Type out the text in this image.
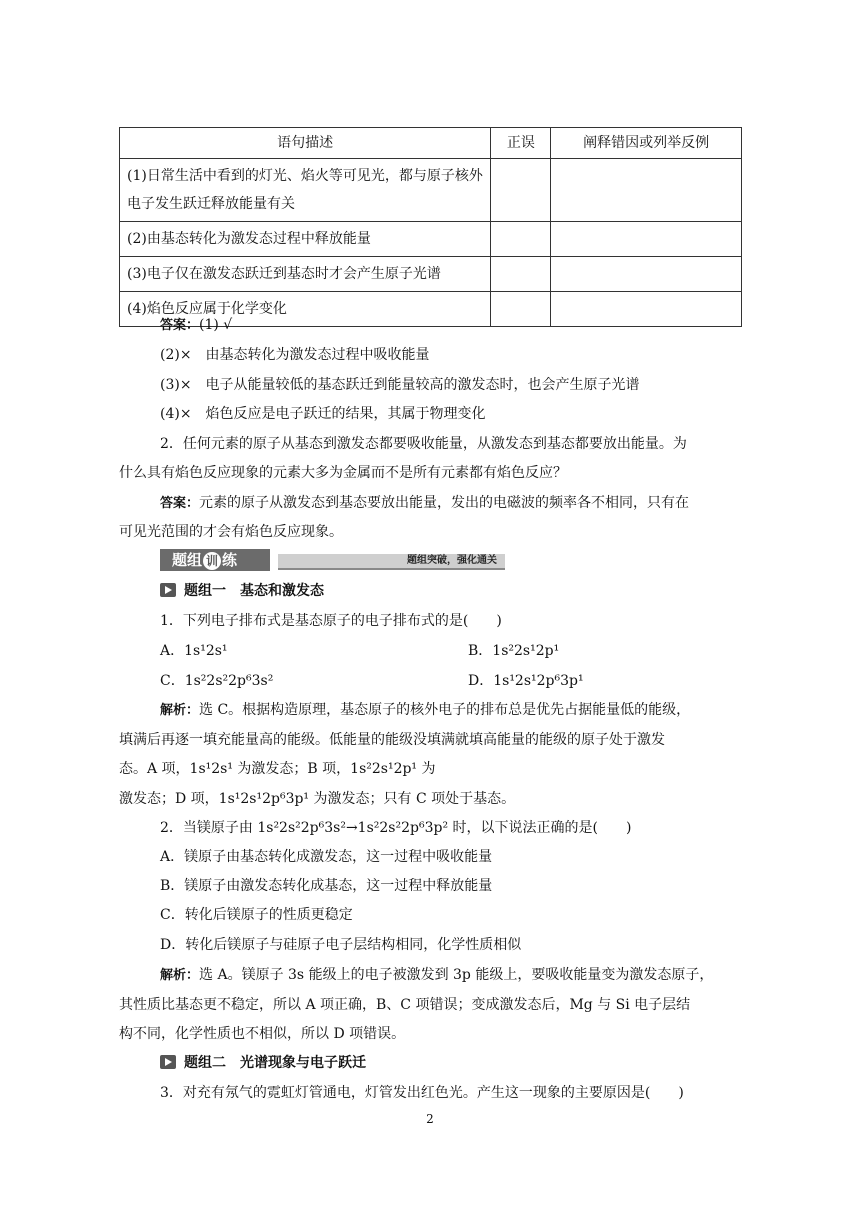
语句描述	正误	阐释错因或列举反例
(1)日常生活中看到的灯光、焰火等可见光，都与原子核外电子发生跃迁释放能量有关		
(2)由基态转化为激发态过程中释放能量		
(3)电子仅在激发态跃迁到基态时才会产生原子光谱		
(4)焰色反应属于化学变化		
答案：(1) √
(2)×　由基态转化为激发态过程中吸收能量
(3)×　电子从能量较低的基态跃迁到能量较高的激发态时，也会产生原子光谱
(4)×　焰色反应是电子跃迁的结果，其属于物理变化
2．任何元素的原子从基态到激发态都要吸收能量，从激发态到基态都要放出能量。为
什么具有焰色反应现象的元素大多为金属而不是所有元素都有焰色反应？
答案：元素的原子从激发态到基态要放出能量，发出的电磁波的频率各不相同，只有在
可见光范围的才会有焰色反应现象。
题组 训 练	题组突破，强化通关
题组一　基态和激发态
1．下列电子排布式是基态原子的电子排布式的是(　　)
A．1s¹2s¹	B．1s²2s¹2p¹
C．1s²2s²2p⁶3s²	D．1s¹2s¹2p⁶3p¹
解析：选 C。根据构造原理，基态原子的核外电子的排布总是优先占据能量低的能级，
填满后再逐一填充能量高的能级。低能量的能级没填满就填高能量的能级的原子处于激发
态。A 项，1s¹2s¹ 为激发态；B 项，1s²2s¹2p¹ 为
激发态；D 项，1s¹2s¹2p⁶3p¹ 为激发态；只有 C 项处于基态。
2．当镁原子由 1s²2s²2p⁶3s²→1s²2s²2p⁶3p² 时，以下说法正确的是(　　)
A．镁原子由基态转化成激发态，这一过程中吸收能量
B．镁原子由激发态转化成基态，这一过程中释放能量
C．转化后镁原子的性质更稳定
D．转化后镁原子与硅原子电子层结构相同，化学性质相似
解析：选 A。镁原子 3s 能级上的电子被激发到 3p 能级上，要吸收能量变为激发态原子，
其性质比基态更不稳定，所以 A 项正确，B、C 项错误；变成激发态后，Mg 与 Si 电子层结
构不同，化学性质也不相似，所以 D 项错误。
题组二　光谱现象与电子跃迁
3．对充有氖气的霓虹灯管通电，灯管发出红色光。产生这一现象的主要原因是(　　)
2
